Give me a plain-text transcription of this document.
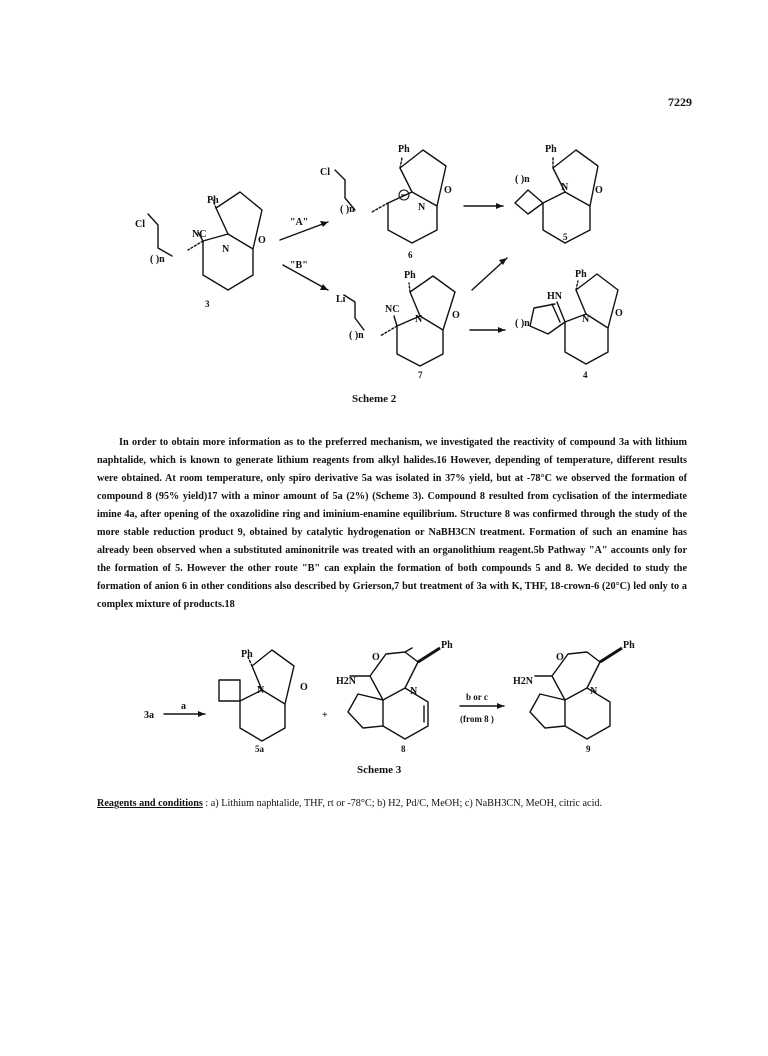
7229
Ph
NC
N
O
Cl
( )n
3
"A"
"B"
Ph
N
O
Cl
( )n
6
Ph
N	O
( )n
5
Ph
NC
N	O
Li
( )n
7
Ph
HN
N
O
( )n
4
Scheme 2

In order to obtain more information as to the preferred mechanism, we investigated the reactivity of compound 3a with lithium naphtalide, which is known to generate lithium reagents from alkyl halides.16 However, depending of temperature, different results were obtained. At room temperature, only spiro derivative 5a was isolated in 37% yield, but at -78°C we observed the formation of compound 8 (95% yield)17 with a minor amount of 5a (2%) (Scheme 3). Compound 8 resulted from cyclisation of the intermediate imine 4a, after opening of the oxazolidine ring and iminium-enamine equilibrium. Structure 8 was confirmed through the study of the more stable reduction product 9, obtained by catalytic hydrogenation or NaBH3CN treatment. Formation of such an enamine has already been observed when a substituted aminonitrile was treated with an organolithium reagent.5b Pathway "A" accounts only for the formation of 5. However the other route "B" can explain the formation of both compounds 5 and 8. We decided to study the formation of anion 6 in other conditions also described by Grierson,7 but treatment of 3a with K, THF, 18-crown-6 (20°C) led only to a complex mixture of products.18

3a
a
Ph
N	O
5a
+
Ph
H2N
O
N
8
b or c
(from 8 )
Ph
H2N
O
N
9
Scheme 3
Reagents and conditions : a) Lithium naphtalide, THF, rt or -78°C; b) H2, Pd/C, MeOH; c) NaBH3CN, MeOH, citric acid.
